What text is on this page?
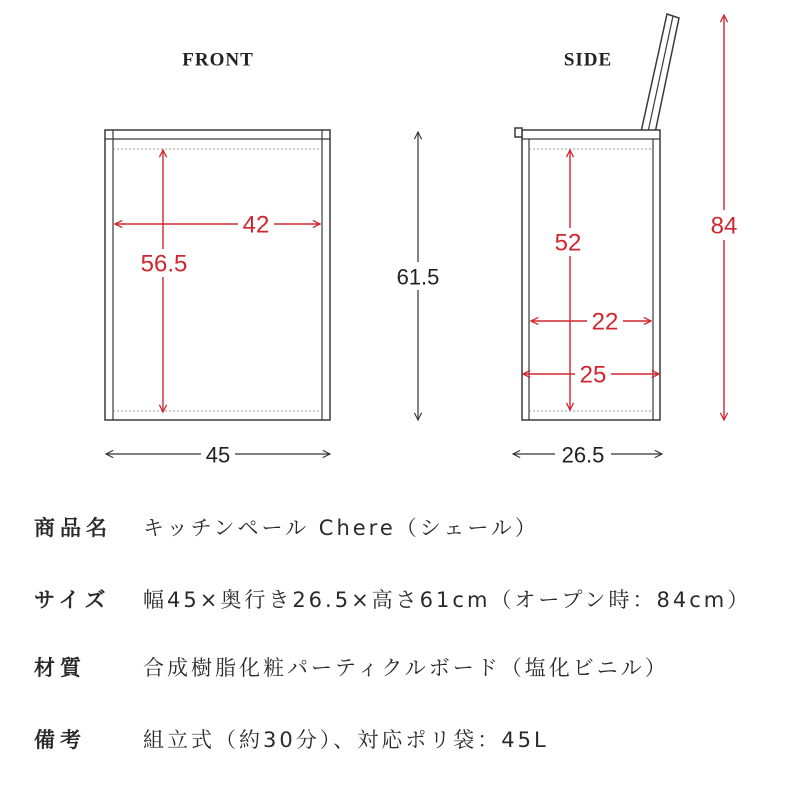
FRONT
42
56.5	61.5
45
SIDE
52
22
25
84
26.5
商品名 キッチンペール Chere（シェール）
サイズ 幅45×奥行き26.5×高さ61cm（オープン時：84cm）
材質	合成樹脂化粧パーティクルボード（塩化ビニル）
備考	組立式（約30分）、対応ポリ袋：45L
